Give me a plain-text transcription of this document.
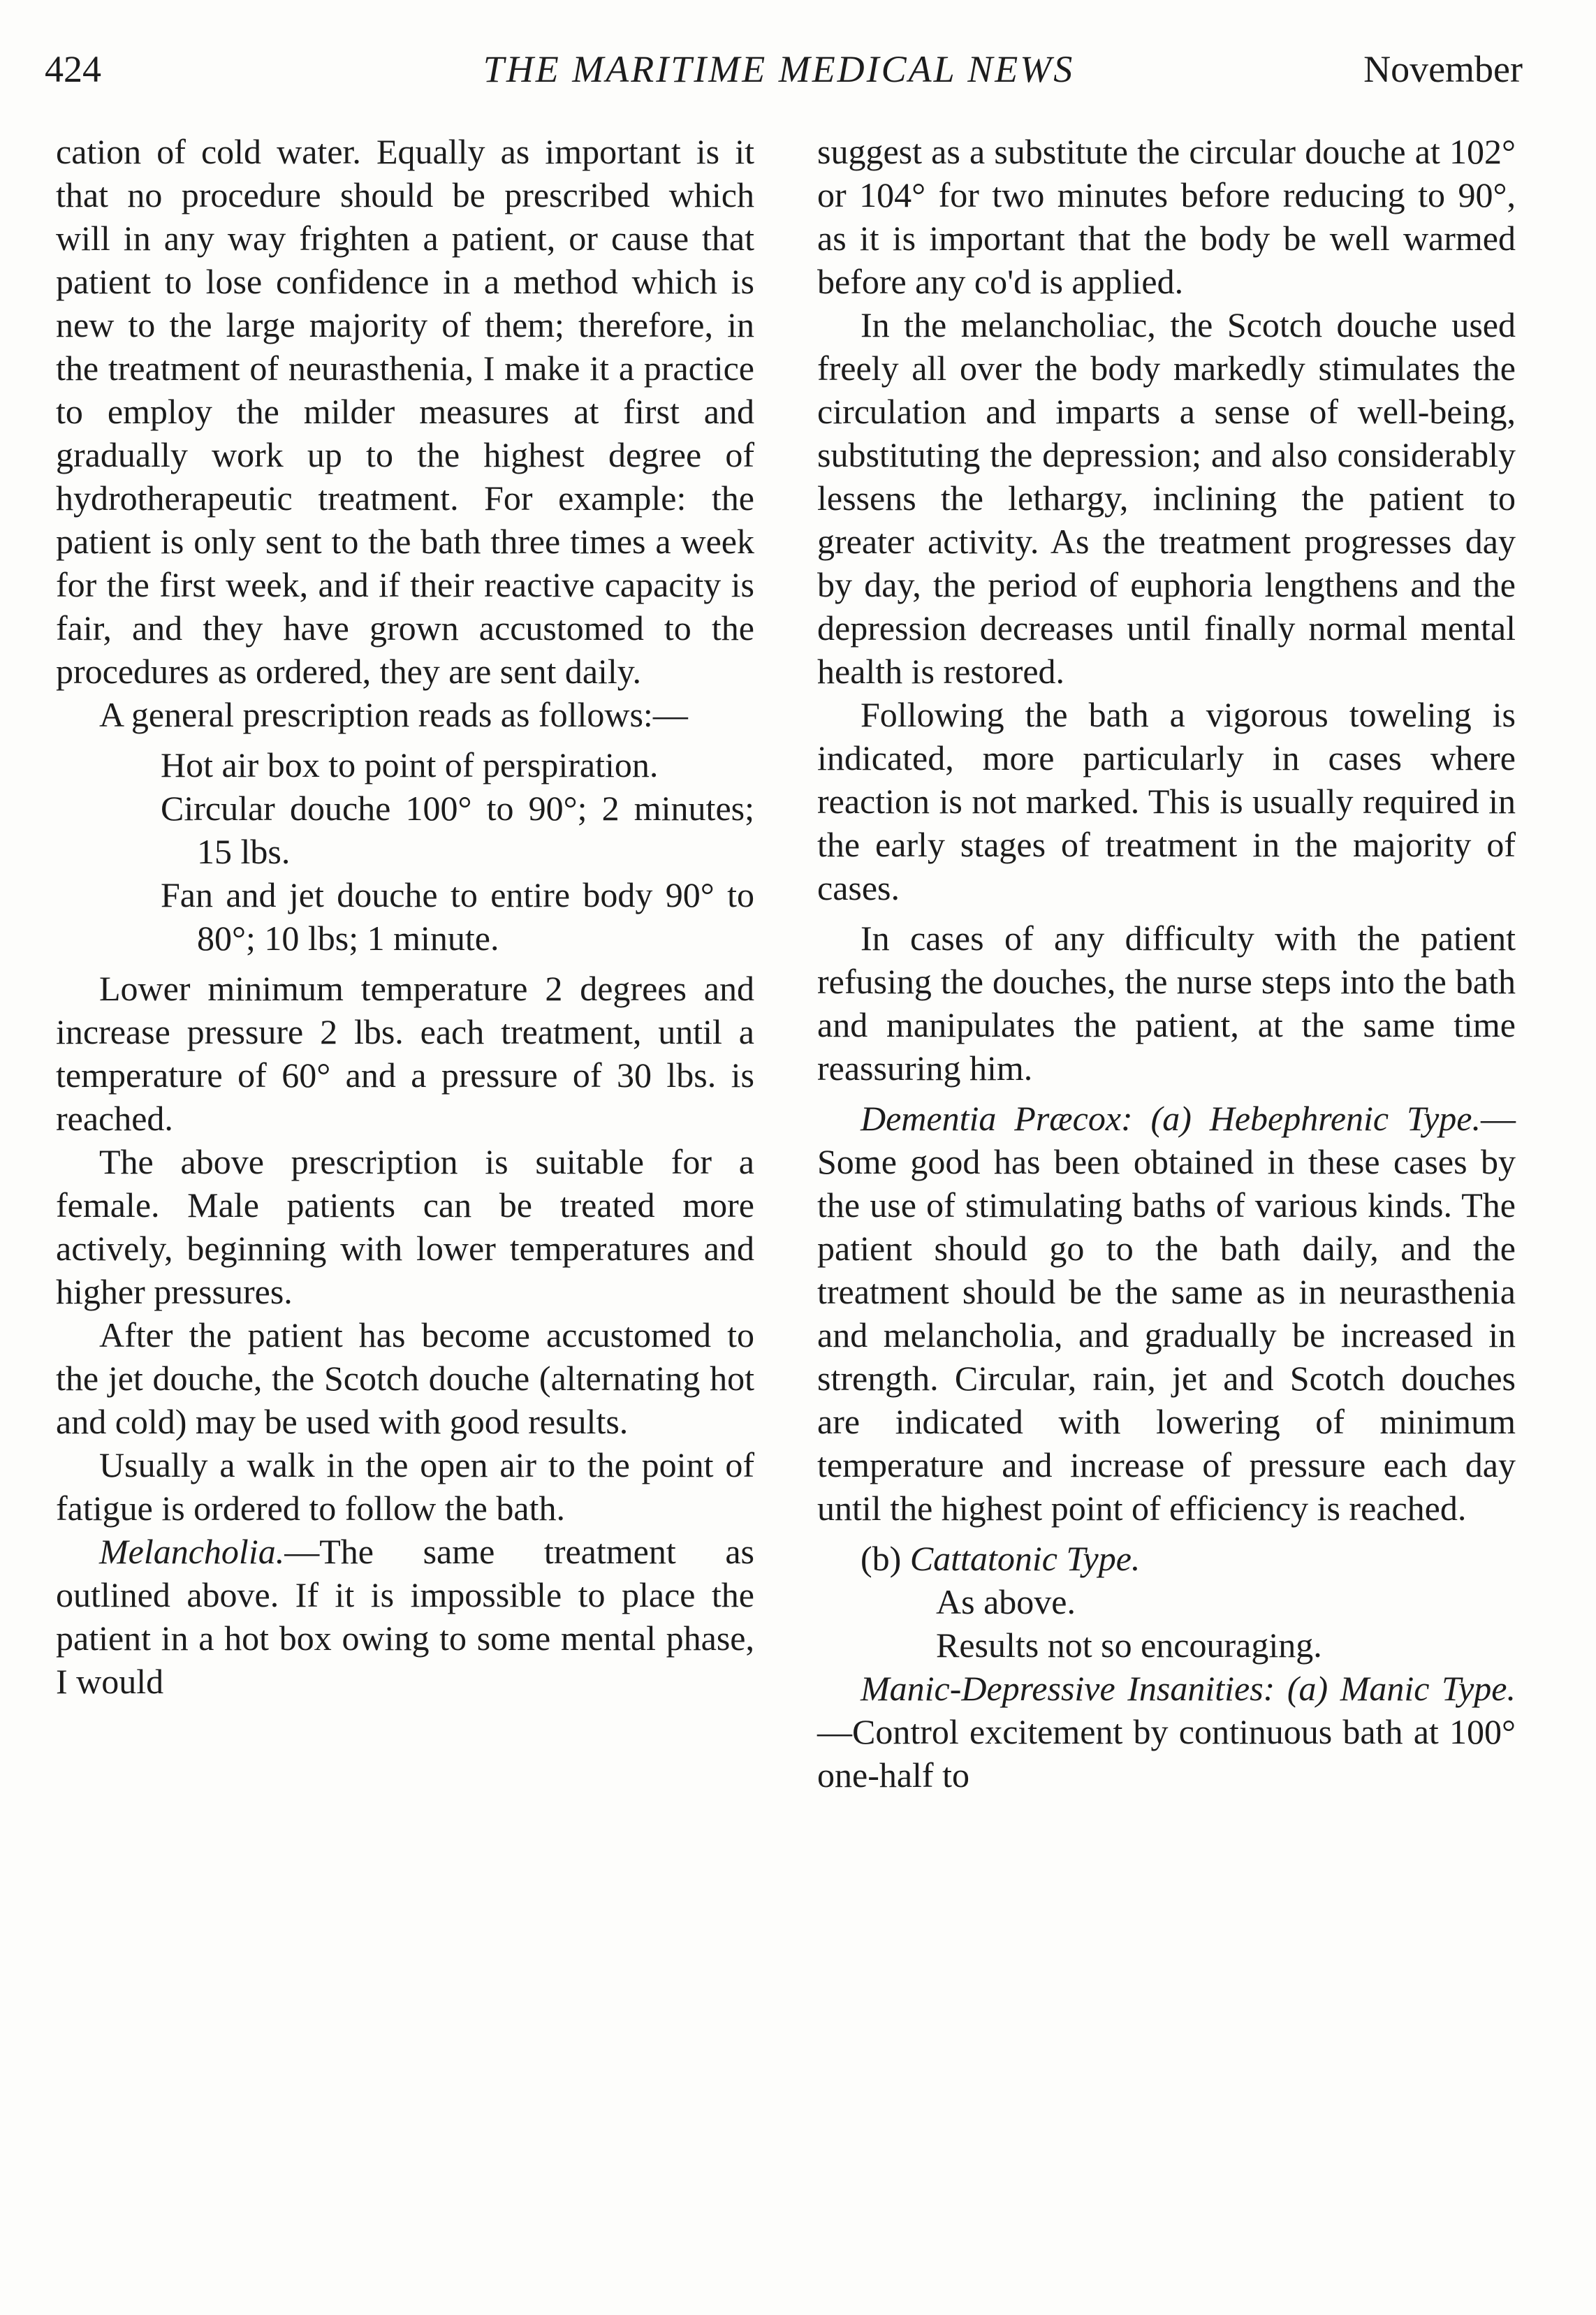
424	THE MARITIME MEDICAL NEWS	November

cation of cold water. Equally as important is it that no procedure should be prescribed which will in any way frighten a patient, or cause that patient to lose confidence in a method which is new to the large majority of them; therefore, in the treatment of neurasthenia, I make it a practice to employ the milder measures at first and gradually work up to the highest degree of hydrotherapeutic treatment. For example: the patient is only sent to the bath three times a week for the first week, and if their reactive capacity is fair, and they have grown accustomed to the procedures as ordered, they are sent daily.

A general prescription reads as follows:—

Hot air box to point of perspiration.
Circular douche 100° to 90°; 2 minutes; 15 lbs.
Fan and jet douche to entire body 90° to 80°; 10 lbs; 1 minute.

Lower minimum temperature 2 degrees and increase pressure 2 lbs. each treatment, until a temperature of 60° and a pressure of 30 lbs. is reached.

The above prescription is suitable for a female. Male patients can be treated more actively, beginning with lower temperatures and higher pressures.

After the patient has become accustomed to the jet douche, the Scotch douche (alternating hot and cold) may be used with good results.

Usually a walk in the open air to the point of fatigue is ordered to follow the bath.

Melancholia.—The same treatment as outlined above. If it is impossible to place the patient in a hot box owing to some mental phase, I would

suggest as a substitute the circular douche at 102° or 104° for two minutes before reducing to 90°, as it is important that the body be well warmed before any co'd is applied.

In the melancholiac, the Scotch douche used freely all over the body markedly stimulates the circulation and imparts a sense of well-being, substituting the depression; and also considerably lessens the lethargy, inclining the patient to greater activity. As the treatment progresses day by day, the period of euphoria lengthens and the depression decreases until finally normal mental health is restored.

Following the bath a vigorous toweling is indicated, more particularly in cases where reaction is not marked. This is usually required in the early stages of treatment in the majority of cases.

In cases of any difficulty with the patient refusing the douches, the nurse steps into the bath and manipulates the patient, at the same time reassuring him.

Dementia Præcox: (a) Hebephrenic Type.—Some good has been obtained in these cases by the use of stimulating baths of various kinds. The patient should go to the bath daily, and the treatment should be the same as in neurasthenia and melancholia, and gradually be increased in strength. Circular, rain, jet and Scotch douches are indicated with lowering of minimum temperature and increase of pressure each day until the highest point of efficiency is reached.

(b) Cattatonic Type.

As above.

Results not so encouraging.

Manic-Depressive Insanities: (a) Manic Type.—Control excitement by continuous bath at 100° one-half to
